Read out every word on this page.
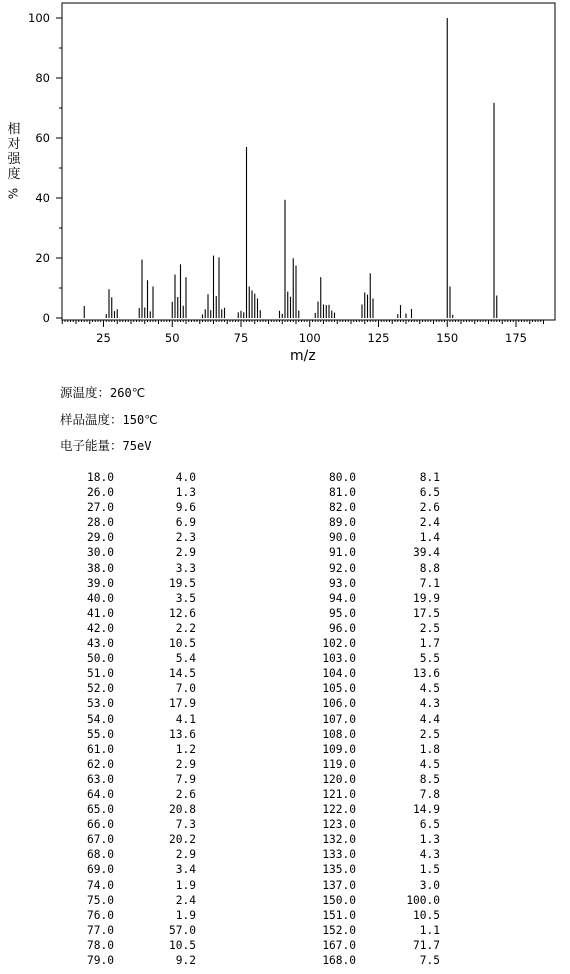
0
20
40
60
80
100
25	50	75	100	125	150	175
相
对
强
度
%
m/z
源温度：260℃
样品温度：150℃
电子能量：75eV
18.0	4.0	80.0	8.1
26.0	1.3	81.0	6.5
27.0	9.6	82.0	2.6
28.0	6.9	89.0	2.4
29.0	2.3	90.0	1.4
30.0	2.9	91.0	39.4
38.0	3.3	92.0	8.8
39.0	19.5	93.0	7.1
40.0	3.5	94.0	19.9
41.0	12.6	95.0	17.5
42.0	2.2	96.0	2.5
43.0	10.5	102.0	1.7
50.0	5.4	103.0	5.5
51.0	14.5	104.0	13.6
52.0	7.0	105.0	4.5
53.0	17.9	106.0	4.3
54.0	4.1	107.0	4.4
55.0	13.6	108.0	2.5
61.0	1.2	109.0	1.8
62.0	2.9	119.0	4.5
63.0	7.9	120.0	8.5
64.0	2.6	121.0	7.8
65.0	20.8	122.0	14.9
66.0	7.3	123.0	6.5
67.0	20.2	132.0	1.3
68.0	2.9	133.0	4.3
69.0	3.4	135.0	1.5
74.0	1.9	137.0	3.0
75.0	2.4	150.0	100.0
76.0	1.9	151.0	10.5
77.0	57.0	152.0	1.1
78.0	10.5	167.0	71.7
79.0	9.2	168.0	7.5
